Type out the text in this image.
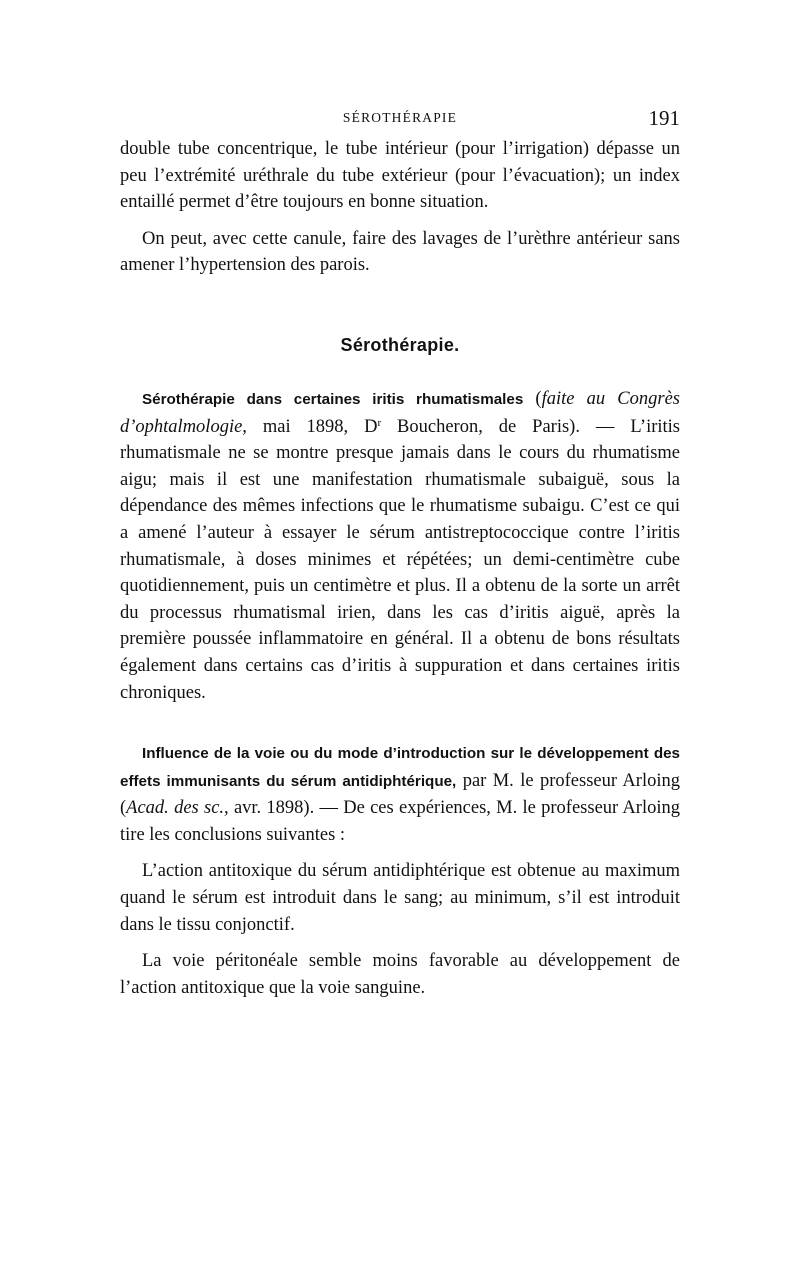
SÉROTHÉRAPIE	191

double tube concentrique, le tube intérieur (pour l’irrigation) dépasse un peu l’extrémité uréthrale du tube extérieur (pour l’évacuation); un index entaillé permet d’être toujours en bonne situation.

On peut, avec cette canule, faire des lavages de l’urèthre antérieur sans amener l’hypertension des parois.

Sérothérapie.

Sérothérapie dans certaines iritis rhumatismales (faite au Congrès d’ophtalmologie, mai 1898, $D^r$ Boucheron, de Paris). — L’iritis rhumatismale ne se montre presque jamais dans le cours du rhumatisme aigu; mais il est une manifestation rhumatismale subaiguë, sous la dépendance des mêmes infections que le rhumatisme subaigu. C’est ce qui a amené l’auteur à essayer le sérum antistreptococcique contre l’iritis rhumatismale, à doses minimes et répétées; un demi-centimètre cube quotidiennement, puis un centimètre et plus. Il a obtenu de la sorte un arrêt du processus rhumatismal irien, dans les cas d’iritis aiguë, après la première poussée inflammatoire en général. Il a obtenu de bons résultats également dans certains cas d’iritis à suppuration et dans certaines iritis chroniques.

Influence de la voie ou du mode d’introduction sur le développement des effets immunisants du sérum antidiphtérique, par M. le professeur Arloing (Acad. des sc., avr. 1898). — De ces expériences, M. le professeur Arloing tire les conclusions suivantes :

L’action antitoxique du sérum antidiphtérique est obtenue au maximum quand le sérum est introduit dans le sang; au minimum, s’il est introduit dans le tissu conjonctif.

La voie péritonéale semble moins favorable au développement de l’action antitoxique que la voie sanguine.
